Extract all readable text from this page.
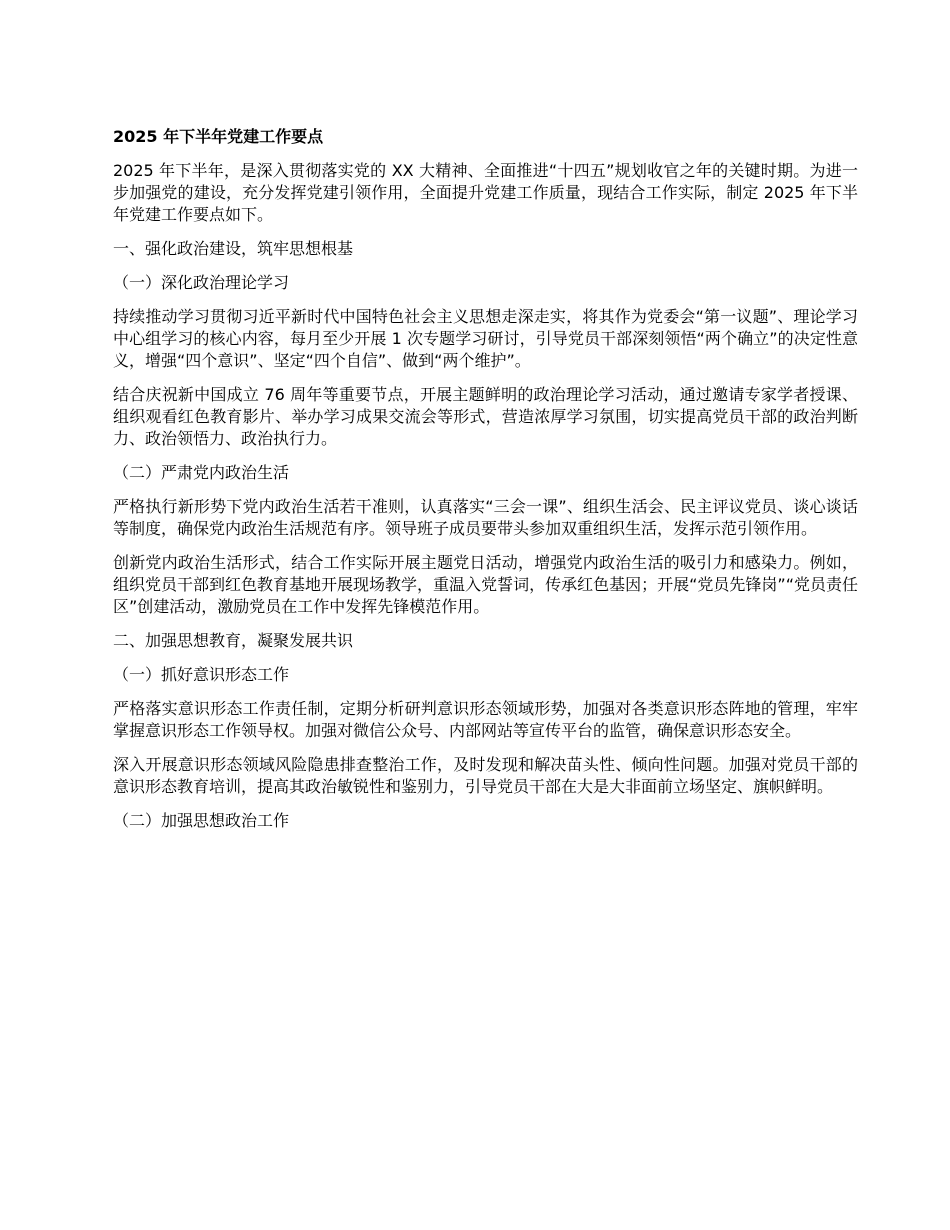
2025 年下半年党建工作要点
2025 年下半年，是深入贯彻落实党的 XX 大精神、全面推进“十四五”规划收官之年的关键时期。为进一步加强党的建设，充分发挥党建引领作用，全面提升党建工作质量，现结合工作实际，制定 2025 年下半年党建工作要点如下。
一、强化政治建设，筑牢思想根基
（一）深化政治理论学习
持续推动学习贯彻习近平新时代中国特色社会主义思想走深走实，将其作为党委会“第一议题”、理论学习中心组学习的核心内容，每月至少开展 1 次专题学习研讨，引导党员干部深刻领悟“两个确立”的决定性意义，增强“四个意识”、坚定“四个自信”、做到“两个维护”。
结合庆祝新中国成立 76 周年等重要节点，开展主题鲜明的政治理论学习活动，通过邀请专家学者授课、组织观看红色教育影片、举办学习成果交流会等形式，营造浓厚学习氛围，切实提高党员干部的政治判断力、政治领悟力、政治执行力。
（二）严肃党内政治生活
严格执行新形势下党内政治生活若干准则，认真落实“三会一课”、组织生活会、民主评议党员、谈心谈话等制度，确保党内政治生活规范有序。领导班子成员要带头参加双重组织生活，发挥示范引领作用。
创新党内政治生活形式，结合工作实际开展主题党日活动，增强党内政治生活的吸引力和感染力。例如，组织党员干部到红色教育基地开展现场教学，重温入党誓词，传承红色基因；开展“党员先锋岗”“党员责任区”创建活动，激励党员在工作中发挥先锋模范作用。
二、加强思想教育，凝聚发展共识
（一）抓好意识形态工作
严格落实意识形态工作责任制，定期分析研判意识形态领域形势，加强对各类意识形态阵地的管理，牢牢掌握意识形态工作领导权。加强对微信公众号、内部网站等宣传平台的监管，确保意识形态安全。
深入开展意识形态领域风险隐患排查整治工作，及时发现和解决苗头性、倾向性问题。加强对党员干部的意识形态教育培训，提高其政治敏锐性和鉴别力，引导党员干部在大是大非面前立场坚定、旗帜鲜明。
（二）加强思想政治工作
